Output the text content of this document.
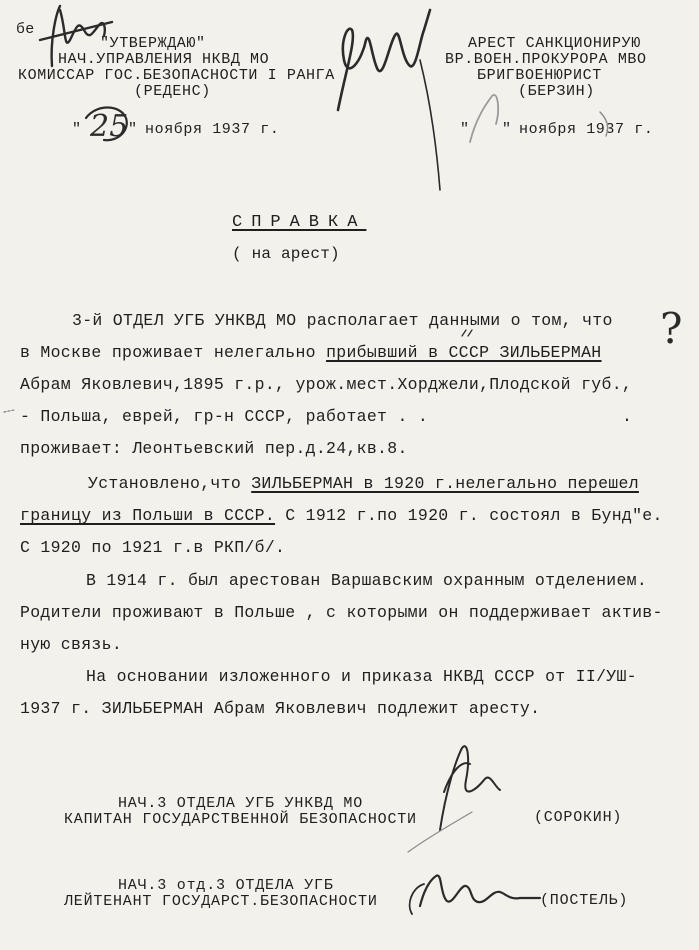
бе
"УТВЕРЖДАЮ"
НАЧ.УПРАВЛЕНИЯ НКВД МО
КОМИССАР ГОС.БЕЗОПАСНОСТИ I РАНГА
(РЕДЕНС)
" 25 " ноября 1937 г.
АРЕСТ САНКЦИОНИРУЮ
ВР.ВОЕН.ПРОКУРОРА МВО
БРИГВОЕНЮРИСТ
(БЕРЗИН)
" " ноября 1937 г.
СПРАВКА
( на арест)
3-й ОТДЕЛ УГБ УНКВД МО располагает данными о том, что
в Москве проживает нелегально прибывший в СССР ЗИЛЬБЕРМАН ?
Абрам Яковлевич,1895 г.р., урож.мест.Хорджели,Плодской губ.,
- Польша, еврей, гр-н СССР, работает . .	.
проживает: Леонтьевский пер.д.24,кв.8.
Установлено,что ЗИЛЬБЕРМАН в 1920 г.нелегально перешел
границу из Польши в СССР. С 1912 г.по 1920 г. состоял в Бунд"е.
С 1920 по 1921 г.в РКП/б/.
В 1914 г. был арестован Варшавским охранным отделением.
Родители проживают в Польше , с которыми он поддерживает актив-
ную связь.
На основании изложенного и приказа НКВД СССР от II/УШ-
1937 г. ЗИЛЬБЕРМАН Абрам Яковлевич подлежит аресту.
НАЧ.3 ОТДЕЛА УГБ УНКВД МО
КАПИТАН ГОСУДАРСТВЕННОЙ БЕЗОПАСНОСТИ	(СОРОКИН)
НАЧ.3 отд.3 ОТДЕЛА УГБ
ЛЕЙТЕНАНТ ГОСУДАРСТ.БЕЗОПАСНОСТИ	(ПОСТЕЛЬ)
